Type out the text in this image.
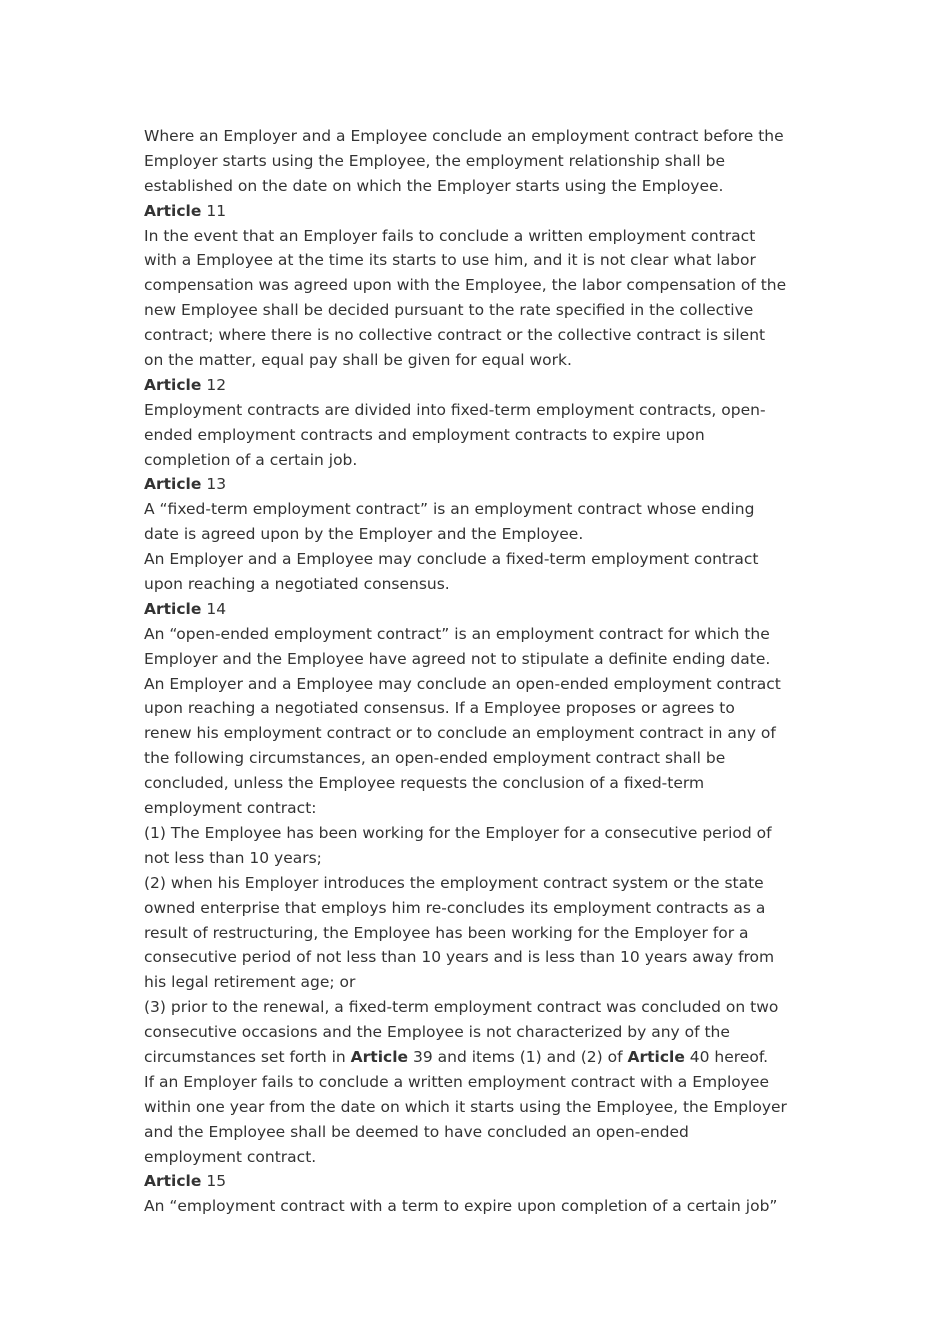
Where an Employer and a Employee conclude an employment contract before the
Employer starts using the Employee, the employment relationship shall be
established on the date on which the Employer starts using the Employee.
Article 11
In the event that an Employer fails to conclude a written employment contract
with a Employee at the time its starts to use him, and it is not clear what labor
compensation was agreed upon with the Employee, the labor compensation of the
new Employee shall be decided pursuant to the rate specified in the collective
contract; where there is no collective contract or the collective contract is silent
on the matter, equal pay shall be given for equal work.
Article 12
Employment contracts are divided into fixed-term employment contracts, open-
ended employment contracts and employment contracts to expire upon
completion of a certain job.
Article 13
A “fixed-term employment contract” is an employment contract whose ending
date is agreed upon by the Employer and the Employee.
An Employer and a Employee may conclude a fixed-term employment contract
upon reaching a negotiated consensus.
Article 14
An “open-ended employment contract” is an employment contract for which the
Employer and the Employee have agreed not to stipulate a definite ending date.
An Employer and a Employee may conclude an open-ended employment contract
upon reaching a negotiated consensus. If a Employee proposes or agrees to
renew his employment contract or to conclude an employment contract in any of
the following circumstances, an open-ended employment contract shall be
concluded, unless the Employee requests the conclusion of a fixed-term
employment contract:
(1) The Employee has been working for the Employer for a consecutive period of
not less than 10 years;
(2) when his Employer introduces the employment contract system or the state
owned enterprise that employs him re-concludes its employment contracts as a
result of restructuring, the Employee has been working for the Employer for a
consecutive period of not less than 10 years and is less than 10 years away from
his legal retirement age; or
(3) prior to the renewal, a fixed-term employment contract was concluded on two
consecutive occasions and the Employee is not characterized by any of the
circumstances set forth in Article 39 and items (1) and (2) of Article 40 hereof.
If an Employer fails to conclude a written employment contract with a Employee
within one year from the date on which it starts using the Employee, the Employer
and the Employee shall be deemed to have concluded an open-ended
employment contract.
Article 15
An “employment contract with a term to expire upon completion of a certain job”
